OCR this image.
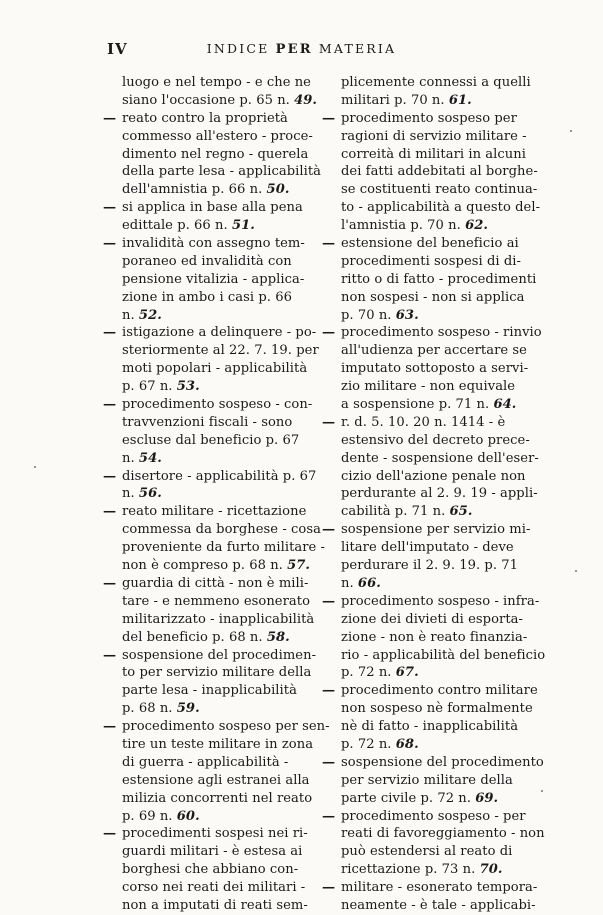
IV	INDICE PER MATERIA
luogo e nel tempo - e che ne
siano l'occasione p. 65 n. 49.
— reato contro la proprietà
commesso all'estero - proce-
dimento nel regno - querela
della parte lesa - applicabilità
dell'amnistia p. 66 n. 50.
— si applica in base alla pena
edittale p. 66 n. 51.
— invalidità con assegno tem-
poraneo ed invalidità con
pensione vitalizia - applica-
zione in ambo i casi p. 66
n. 52.
— istigazione a delinquere - po-
steriormente al 22. 7. 19. per
moti popolari - applicabilità
p. 67 n. 53.
— procedimento sospeso - con-
travvenzioni fiscali - sono
escluse dal beneficio p. 67
n. 54.
— disertore - applicabilità p. 67
n. 56.
— reato militare - ricettazione
commessa da borghese - cosa
proveniente da furto militare -
non è compreso p. 68 n. 57.
— guardia di città - non è mili-
tare - e nemmeno esonerato
militarizzato - inapplicabilità
del beneficio p. 68 n. 58.
— sospensione del procedimen-
to per servizio militare della
parte lesa - inapplicabilità
p. 68 n. 59.
— procedimento sospeso per sen-
tire un teste militare in zona
di guerra - applicabilità -
estensione agli estranei alla
milizia concorrenti nel reato
p. 69 n. 60.
— procedimenti sospesi nei ri-
guardi militari - è estesa ai
borghesi che abbiano con-
corso nei reati dei militari -
non a imputati di reati sem-
plicemente connessi a quelli
militari p. 70 n. 61.
— procedimento sospeso per
ragioni di servizio militare -
correità di militari in alcuni
dei fatti addebitati al borghe-
se costituenti reato continua-
to - applicabilità a questo del-
l'amnistia p. 70 n. 62.
— estensione del beneficio ai
procedimenti sospesi di di-
ritto o di fatto - procedimenti
non sospesi - non si applica
p. 70 n. 63.
— procedimento sospeso - rinvio
all'udienza per accertare se
imputato sottoposto a servi-
zio militare - non equivale
a sospensione p. 71 n. 64.
— r. d. 5. 10. 20 n. 1414 - è
estensivo del decreto prece-
dente - sospensione dell'eser-
cizio dell'azione penale non
perdurante al 2. 9. 19 - appli-
cabilità p. 71 n. 65.
— sospensione per servizio mi-
litare dell'imputato - deve
perdurare il 2. 9. 19. p. 71
n. 66.
— procedimento sospeso - infra-
zione dei divieti di esporta-
zione - non è reato finanzia-
rio - applicabilità del beneficio
p. 72 n. 67.
— procedimento contro militare
non sospeso nè formalmente
nè di fatto - inapplicabilità
p. 72 n. 68.
— sospensione del procedimento
per servizio militare della
parte civile p. 72 n. 69.
— procedimento sospeso - per
reati di favoreggiamento - non
può estendersi al reato di
ricettazione p. 73 n. 70.
— militare - esonerato tempora-
neamente - è tale - applicabi-
